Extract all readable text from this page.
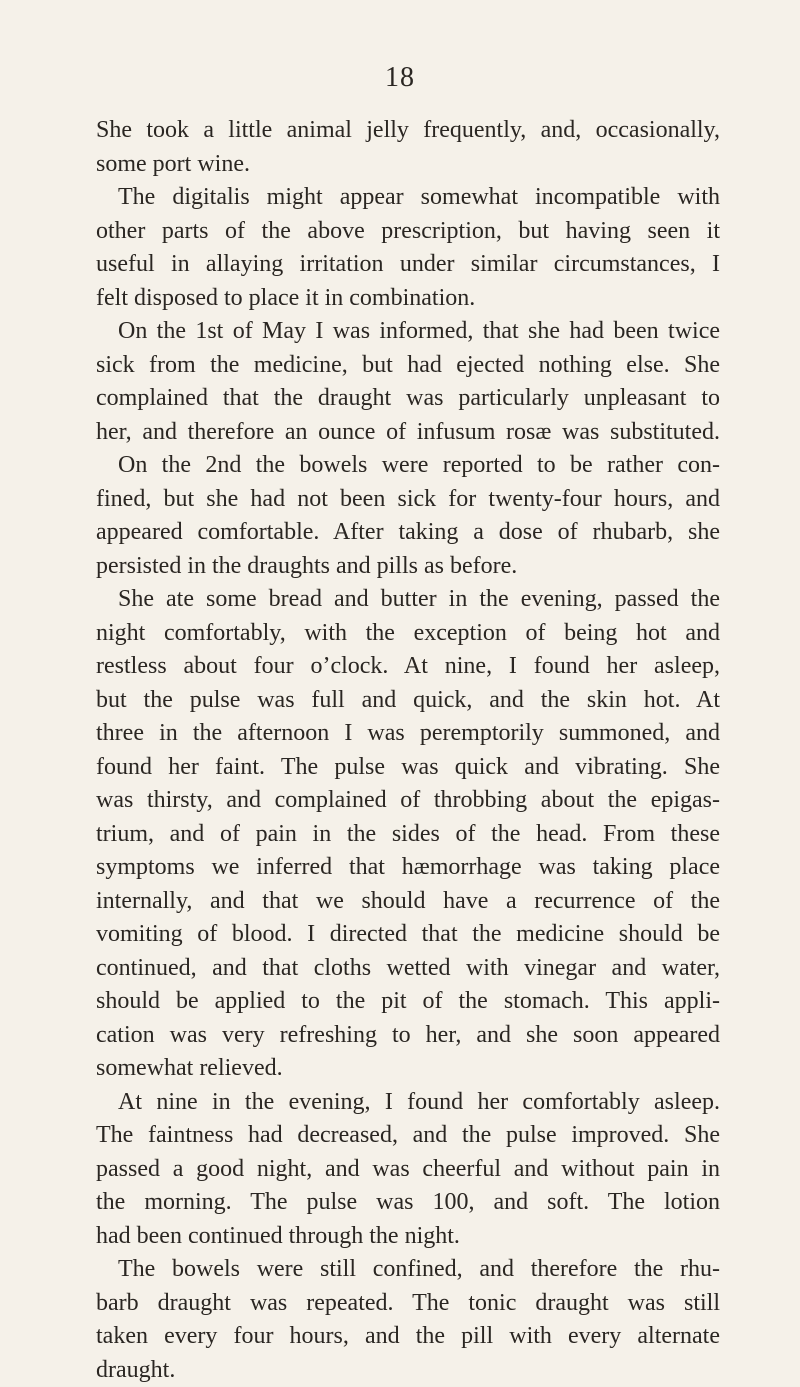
18
She took a little animal jelly frequently, and, occasionally,
some port wine.
The digitalis might appear somewhat incompatible with
other parts of the above prescription, but having seen it
useful in allaying irritation under similar circumstances, I
felt disposed to place it in combination.
On the 1st of May I was informed, that she had been twice
sick from the medicine, but had ejected nothing else. She
complained that the draught was particularly unpleasant to
her, and therefore an ounce of infusum rosæ was substituted.
On the 2nd the bowels were reported to be rather con-
fined, but she had not been sick for twenty-four hours, and
appeared comfortable. After taking a dose of rhubarb, she
persisted in the draughts and pills as before.
She ate some bread and butter in the evening, passed the
night comfortably, with the exception of being hot and
restless about four o’clock. At nine, I found her asleep,
but the pulse was full and quick, and the skin hot. At
three in the afternoon I was peremptorily summoned, and
found her faint. The pulse was quick and vibrating. She
was thirsty, and complained of throbbing about the epigas-
trium, and of pain in the sides of the head. From these
symptoms we inferred that hæmorrhage was taking place
internally, and that we should have a recurrence of the
vomiting of blood. I directed that the medicine should be
continued, and that cloths wetted with vinegar and water,
should be applied to the pit of the stomach. This appli-
cation was very refreshing to her, and she soon appeared
somewhat relieved.
At nine in the evening, I found her comfortably asleep.
The faintness had decreased, and the pulse improved. She
passed a good night, and was cheerful and without pain in
the morning. The pulse was 100, and soft. The lotion
had been continued through the night.
The bowels were still confined, and therefore the rhu-
barb draught was repeated. The tonic draught was still
taken every four hours, and the pill with every alternate
draught.
